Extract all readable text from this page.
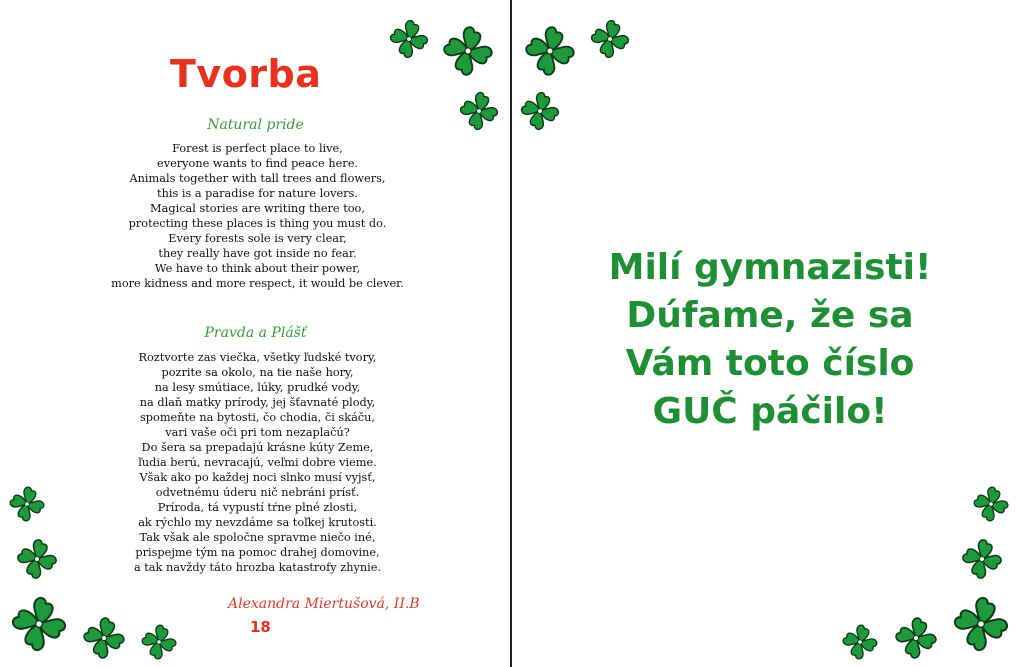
Tvorba
Natural pride
Forest is perfect place to live,
everyone wants to find peace here.
Animals together with tall trees and flowers,
this is a paradise for nature lovers.
Magical stories are writing there too,
protecting these places is thing you must do.
Every forests sole is very clear,
they really have got inside no fear.
We have to think about their power,
more kidness and more respect, it would be clever.
Pravda a Plášť
Roztvorte zas viečka, všetky ľudské tvory,
pozrite sa okolo, na tie naše hory,
na lesy smútiace, lúky, prudké vody,
na dlaň matky prírody, jej šťavnaté plody,
spomeňte na bytosti, čo chodia, či skáču,
vari vaše oči pri tom nezaplačú?
Do šera sa prepadajú krásne kúty Zeme,
ľudia berú, nevracajú, veľmi dobre vieme.
Však ako po každej noci slnko musí vyjsť,
odvetnému úderu nič nebráni prísť.
Príroda, tá vypustí tŕne plné zlosti,
ak rýchlo my nevzdáme sa toľkej krutosti.
Tak však ale spoločne spravme niečo iné,
prispejme tým na pomoc drahej domovine,
a tak navždy táto hrozba katastrofy zhynie.
Alexandra Miertušová, II.B
18
Milí gymnazisti!
Dúfame, že sa
Vám toto číslo
GUČ páčilo!
